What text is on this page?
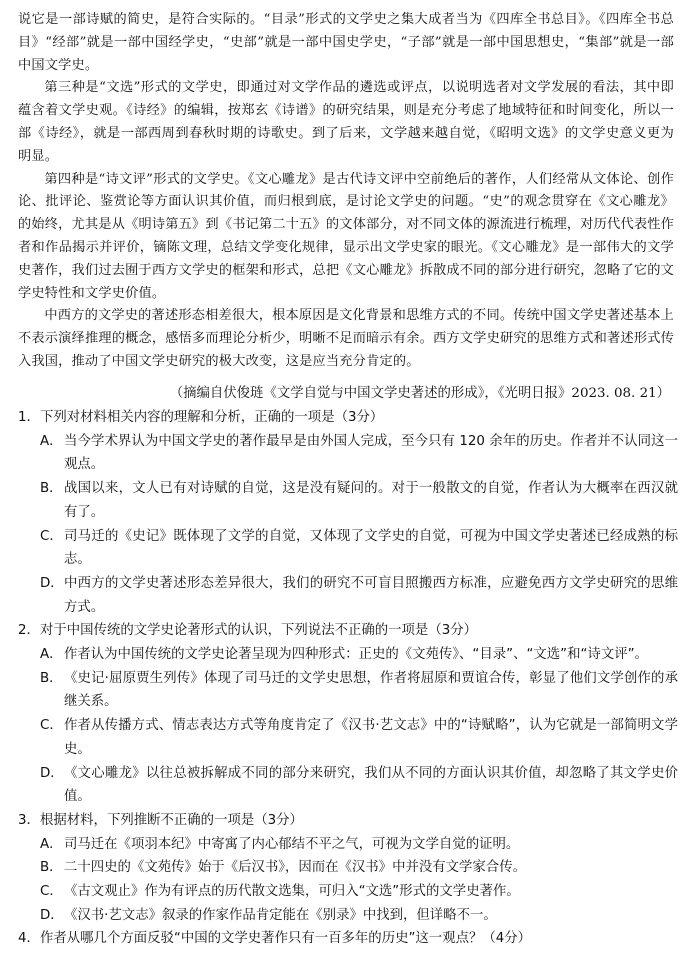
说它是一部诗赋的简史，是符合实际的。“目录”形式的文学史之集大成者当为《四库全书总目》。《四库全书总目》“经部”就是一部中国经学史，“史部”就是一部中国史学史，“子部”就是一部中国思想史，“集部”就是一部中国文学史。

第三种是“文选”形式的文学史，即通过对文学作品的遴选或评点，以说明选者对文学发展的看法，其中即蕴含着文学史观。《诗经》的编辑，按郑玄《诗谱》的研究结果，则是充分考虑了地域特征和时间变化，所以一部《诗经》，就是一部西周到春秋时期的诗歌史。到了后来，文学越来越自觉，《昭明文选》的文学史意义更为明显。

第四种是“诗文评”形式的文学史。《文心雕龙》是古代诗文评中空前绝后的著作，人们经常从文体论、创作论、批评论、鉴赏论等方面认识其价值，而归根到底，是讨论文学史的问题。“史”的观念贯穿在《文心雕龙》的始终，尤其是从《明诗第五》到《书记第二十五》的文体部分，对不同文体的源流进行梳理，对历代代表性作者和作品揭示并评价，镝陈文理，总结文学变化规律，显示出文学史家的眼光。《文心雕龙》是一部伟大的文学史著作，我们过去囿于西方文学史的框架和形式，总把《文心雕龙》拆散成不同的部分进行研究，忽略了它的文学史特性和文学史价值。

中西方的文学史的著述形态相差很大，根本原因是文化背景和思维方式的不同。传统中国文学史著述基本上不表示演绎推理的概念，感悟多而理论分析少，明晰不足而暗示有余。西方文学史研究的思维方式和著述形式传入我国，推动了中国文学史研究的极大改变，这是应当充分肯定的。

（摘编自伏俊琏《文学自觉与中国文学史著述的形成》，《光明日报》2023. 08. 21）
1． 下列对材料相关内容的理解和分析，正确的一项是（3分）
A． 当今学术界认为中国文学史的著作最早是由外国人完成，至今只有 120 余年的历史。作者并不认同这一观点。
B． 战国以来，文人已有对诗赋的自觉，这是没有疑问的。对于一般散文的自觉，作者认为大概率在西汉就有了。
C． 司马迁的《史记》既体现了文学的自觉，又体现了文学史的自觉，可视为中国文学史著述已经成熟的标志。
D． 中西方的文学史著述形态差异很大，我们的研究不可盲目照搬西方标准，应避免西方文学史研究的思维方式。
2． 对于中国传统的文学史论著形式的认识，下列说法不正确的一项是（3分）
A． 作者认为中国传统的文学史论著呈现为四种形式：正史的《文苑传》、“目录”、“文选”和“诗文评”。
B． 《史记·屈原贾生列传》体现了司马迁的文学史思想，作者将屈原和贾谊合传，彰显了他们文学创作的承继关系。
C． 作者从传播方式、情志表达方式等角度肯定了《汉书·艺文志》中的“诗赋略”，认为它就是一部简明文学史。
D． 《文心雕龙》以往总被拆解成不同的部分来研究，我们从不同的方面认识其价值，却忽略了其文学史价值。
3． 根据材料，下列推断不正确的一项是（3分）
A． 司马迁在《项羽本纪》中寄寓了内心郁结不平之气，可视为文学自觉的证明。
B． 二十四史的《文苑传》始于《后汉书》，因而在《汉书》中并没有文学家合传。
C． 《古文观止》作为有评点的历代散文选集，可归入“文选”形式的文学史著作。
D． 《汉书·艺文志》叙录的作家作品肯定能在《别录》中找到，但详略不一。
4． 作者从哪几个方面反驳“中国的文学史著作只有一百多年的历史”这一观点？（4分）
